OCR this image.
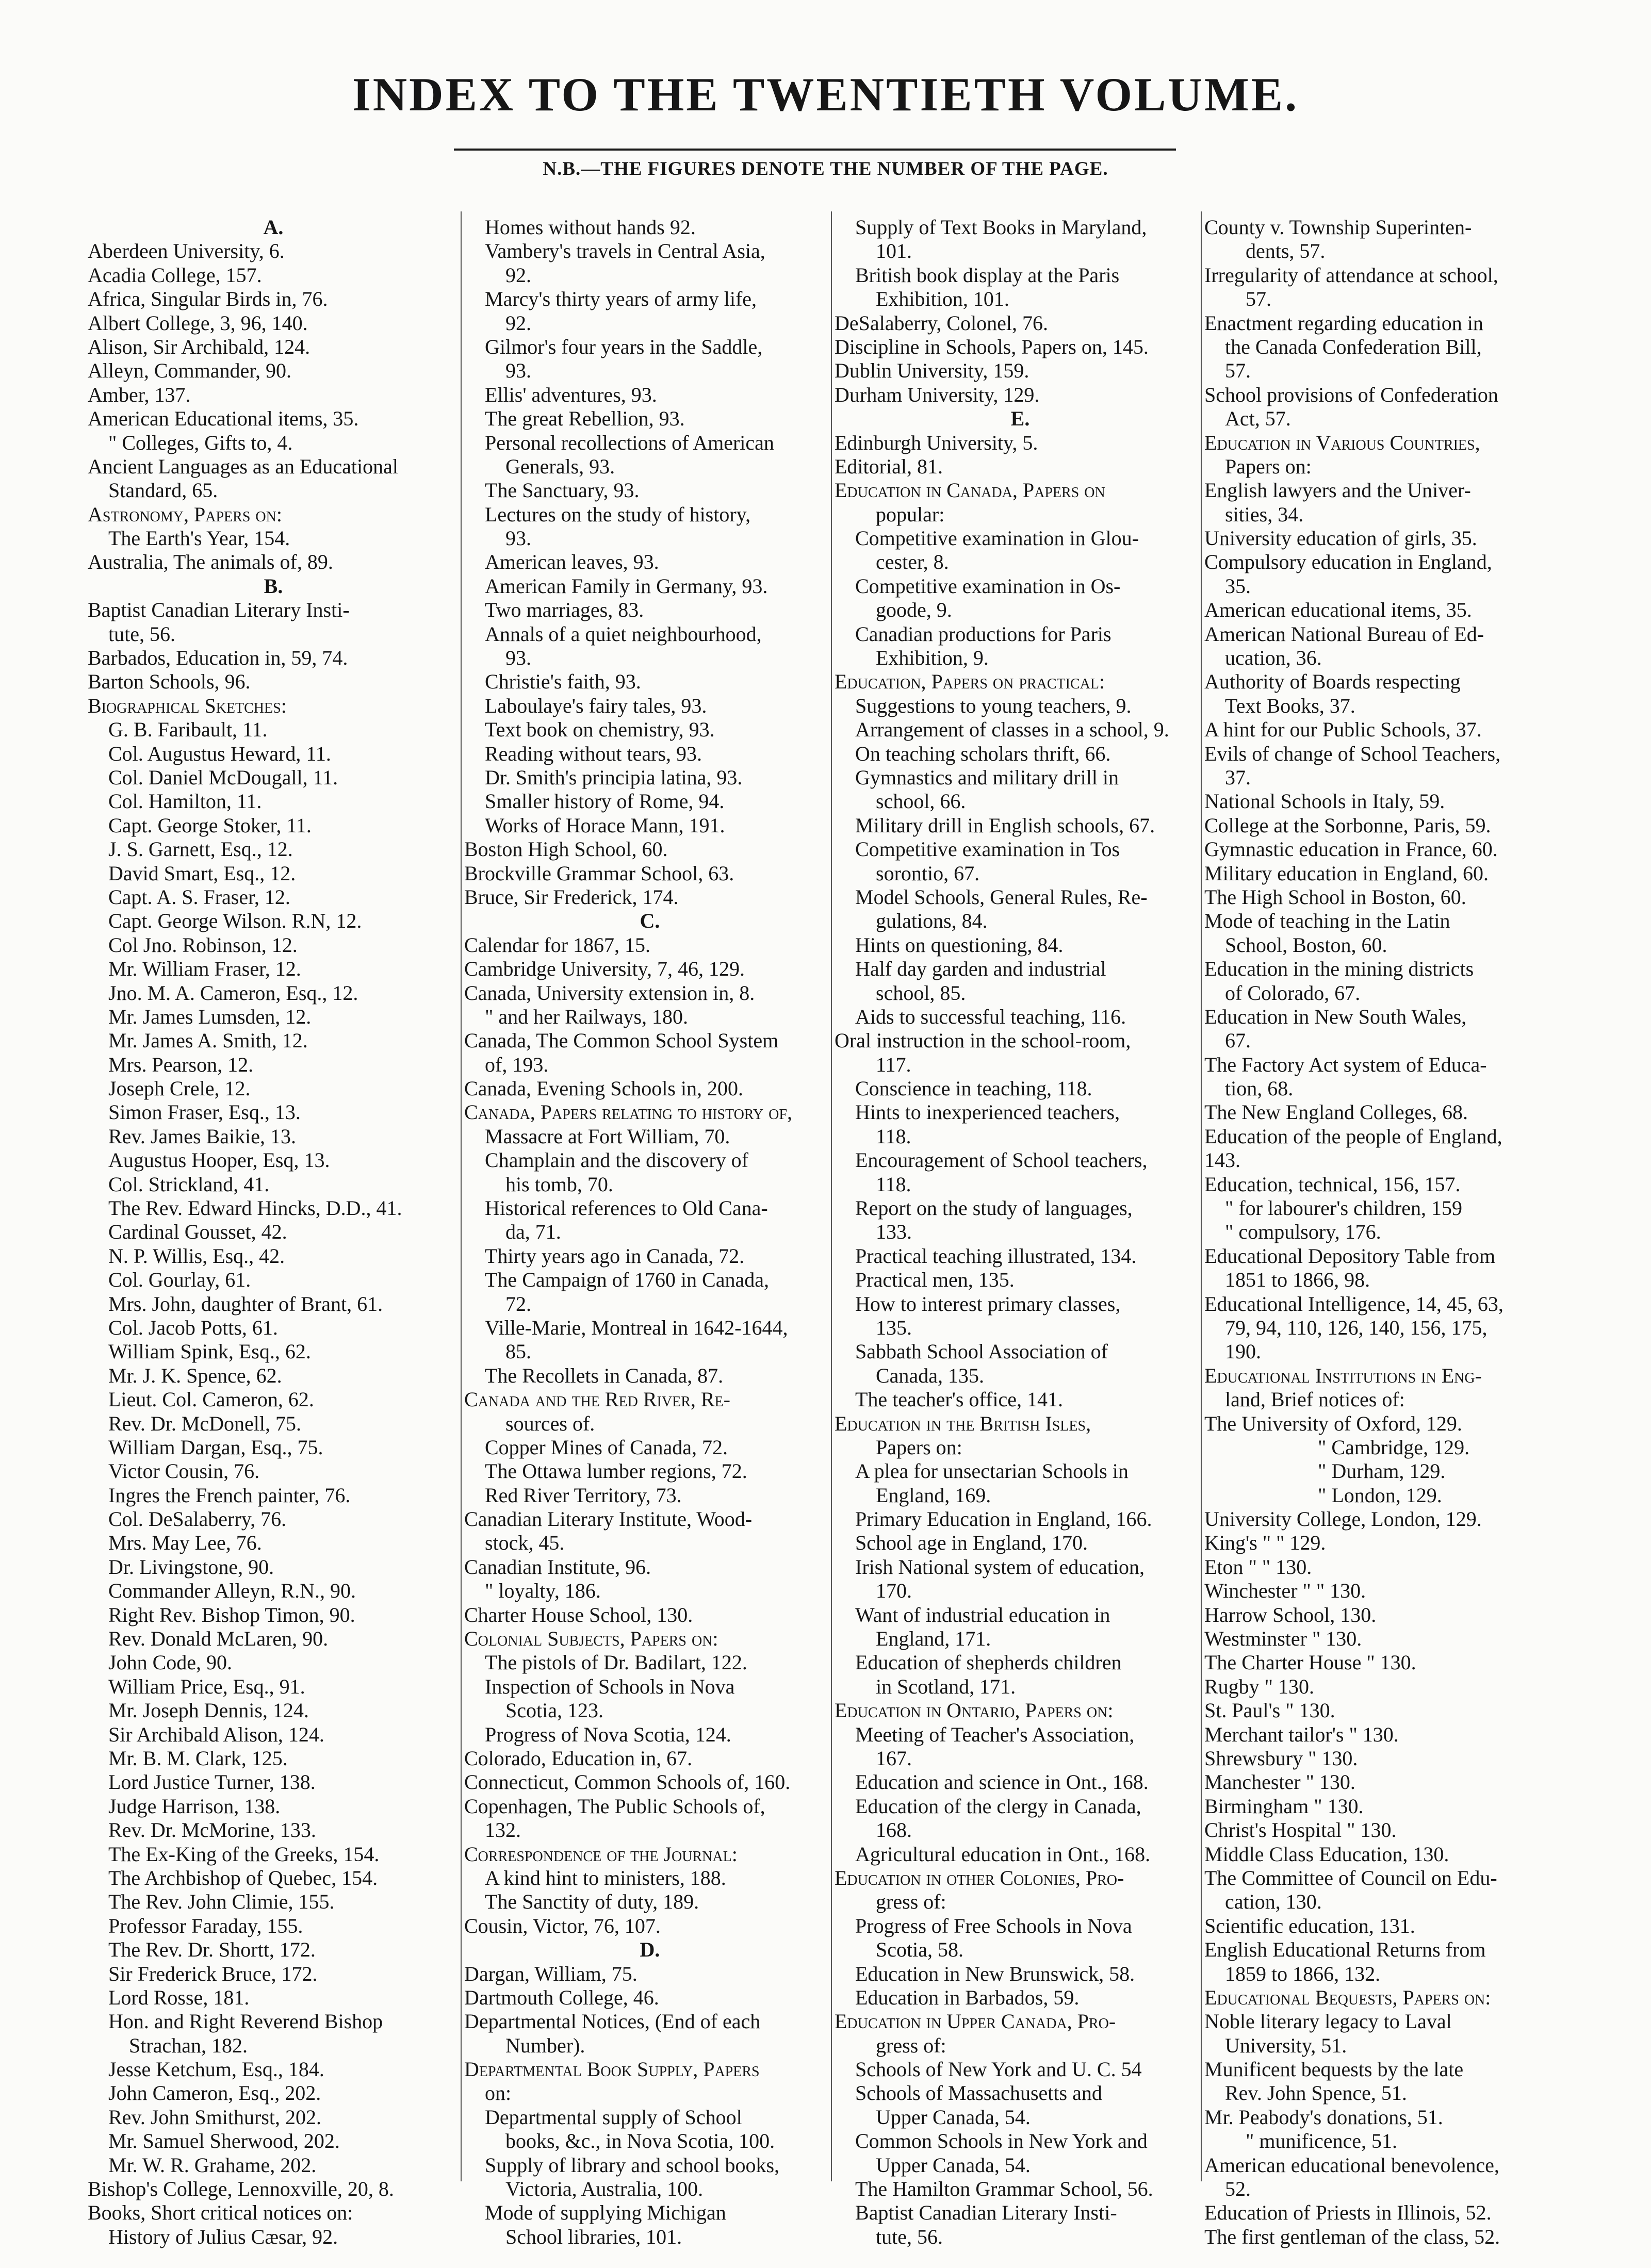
INDEX TO THE TWENTIETH VOLUME.
N.B.—THE FIGURES DENOTE THE NUMBER OF THE PAGE.
A.
Aberdeen University, 6.
Acadia College, 157.
Africa, Singular Birds in, 76.
Albert College, 3, 96, 140.
Alison, Sir Archibald, 124.
Alleyn, Commander, 90.
Amber, 137.
American Educational items, 35.
" Colleges, Gifts to, 4.
Ancient Languages as an Educational
Standard, 65.
Astronomy, Papers on:
The Earth's Year, 154.
Australia, The animals of, 89.
B.
Baptist Canadian Literary Insti-
tute, 56.
Barbados, Education in, 59, 74.
Barton Schools, 96.
Biographical Sketches:
G. B. Faribault, 11.
Col. Augustus Heward, 11.
Col. Daniel McDougall, 11.
Col. Hamilton, 11.
Capt. George Stoker, 11.
J. S. Garnett, Esq., 12.
David Smart, Esq., 12.
Capt. A. S. Fraser, 12.
Capt. George Wilson. R.N, 12.
Col Jno. Robinson, 12.
Mr. William Fraser, 12.
Jno. M. A. Cameron, Esq., 12.
Mr. James Lumsden, 12.
Mr. James A. Smith, 12.
Mrs. Pearson, 12.
Joseph Crele, 12.
Simon Fraser, Esq., 13.
Rev. James Baikie, 13.
Augustus Hooper, Esq, 13.
Col. Strickland, 41.
The Rev. Edward Hincks, D.D., 41.
Cardinal Gousset, 42.
N. P. Willis, Esq., 42.
Col. Gourlay, 61.
Mrs. John, daughter of Brant, 61.
Col. Jacob Potts, 61.
William Spink, Esq., 62.
Mr. J. K. Spence, 62.
Lieut. Col. Cameron, 62.
Rev. Dr. McDonell, 75.
William Dargan, Esq., 75.
Victor Cousin, 76.
Ingres the French painter, 76.
Col. DeSalaberry, 76.
Mrs. May Lee, 76.
Dr. Livingstone, 90.
Commander Alleyn, R.N., 90.
Right Rev. Bishop Timon, 90.
Rev. Donald McLaren, 90.
John Code, 90.
William Price, Esq., 91.
Mr. Joseph Dennis, 124.
Sir Archibald Alison, 124.
Mr. B. M. Clark, 125.
Lord Justice Turner, 138.
Judge Harrison, 138.
Rev. Dr. McMorine, 133.
The Ex-King of the Greeks, 154.
The Archbishop of Quebec, 154.
The Rev. John Climie, 155.
Professor Faraday, 155.
The Rev. Dr. Shortt, 172.
Sir Frederick Bruce, 172.
Lord Rosse, 181.
Hon. and Right Reverend Bishop
Strachan, 182.
Jesse Ketchum, Esq., 184.
John Cameron, Esq., 202.
Rev. John Smithurst, 202.
Mr. Samuel Sherwood, 202.
Mr. W. R. Grahame, 202.
Bishop's College, Lennoxville, 20, 8.
Books, Short critical notices on:
History of Julius Cæsar, 92.
Homes without hands 92.
Vambery's travels in Central Asia,
92.
Marcy's thirty years of army life,
92.
Gilmor's four years in the Saddle,
93.
Ellis' adventures, 93.
The great Rebellion, 93.
Personal recollections of American
Generals, 93.
The Sanctuary, 93.
Lectures on the study of history,
93.
American leaves, 93.
American Family in Germany, 93.
Two marriages, 83.
Annals of a quiet neighbourhood,
93.
Christie's faith, 93.
Laboulaye's fairy tales, 93.
Text book on chemistry, 93.
Reading without tears, 93.
Dr. Smith's principia latina, 93.
Smaller history of Rome, 94.
Works of Horace Mann, 191.
Boston High School, 60.
Brockville Grammar School, 63.
Bruce, Sir Frederick, 174.
C.
Calendar for 1867, 15.
Cambridge University, 7, 46, 129.
Canada, University extension in, 8.
" and her Railways, 180.
Canada, The Common School System
of, 193.
Canada, Evening Schools in, 200.
Canada, Papers relating to history of,
Massacre at Fort William, 70.
Champlain and the discovery of
his tomb, 70.
Historical references to Old Cana-
da, 71.
Thirty years ago in Canada, 72.
The Campaign of 1760 in Canada,
72.
Ville-Marie, Montreal in 1642-1644,
85.
The Recollets in Canada, 87.
Canada and the Red River, Re-
sources of.
Copper Mines of Canada, 72.
The Ottawa lumber regions, 72.
Red River Territory, 73.
Canadian Literary Institute, Wood-
stock, 45.
Canadian Institute, 96.
" loyalty, 186.
Charter House School, 130.
Colonial Subjects, Papers on:
The pistols of Dr. Badilart, 122.
Inspection of Schools in Nova
Scotia, 123.
Progress of Nova Scotia, 124.
Colorado, Education in, 67.
Connecticut, Common Schools of, 160.
Copenhagen, The Public Schools of,
132.
Correspondence of the Journal:
A kind hint to ministers, 188.
The Sanctity of duty, 189.
Cousin, Victor, 76, 107.
D.
Dargan, William, 75.
Dartmouth College, 46.
Departmental Notices, (End of each
Number).
Departmental Book Supply, Papers
on:
Departmental supply of School
books, &c., in Nova Scotia, 100.
Supply of library and school books,
Victoria, Australia, 100.
Mode of supplying Michigan
School libraries, 101.
Supply of Text Books in Maryland,
101.
British book display at the Paris
Exhibition, 101.
DeSalaberry, Colonel, 76.
Discipline in Schools, Papers on, 145.
Dublin University, 159.
Durham University, 129.
E.
Edinburgh University, 5.
Editorial, 81.
Education in Canada, Papers on
popular:
Competitive examination in Glou-
cester, 8.
Competitive examination in Os-
goode, 9.
Canadian productions for Paris
Exhibition, 9.
Education, Papers on practical:
Suggestions to young teachers, 9.
Arrangement of classes in a school, 9.
On teaching scholars thrift, 66.
Gymnastics and military drill in
school, 66.
Military drill in English schools, 67.
Competitive examination in Tos
sorontio, 67.
Model Schools, General Rules, Re-
gulations, 84.
Hints on questioning, 84.
Half day garden and industrial
school, 85.
Aids to successful teaching, 116.
Oral instruction in the school-room,
117.
Conscience in teaching, 118.
Hints to inexperienced teachers,
118.
Encouragement of School teachers,
118.
Report on the study of languages,
133.
Practical teaching illustrated, 134.
Practical men, 135.
How to interest primary classes,
135.
Sabbath School Association of
Canada, 135.
The teacher's office, 141.
Education in the British Isles,
Papers on:
A plea for unsectarian Schools in
England, 169.
Primary Education in England, 166.
School age in England, 170.
Irish National system of education,
170.
Want of industrial education in
England, 171.
Education of shepherds children
in Scotland, 171.
Education in Ontario, Papers on:
Meeting of Teacher's Association,
167.
Education and science in Ont., 168.
Education of the clergy in Canada,
168.
Agricultural education in Ont., 168.
Education in other Colonies, Pro-
gress of:
Progress of Free Schools in Nova
Scotia, 58.
Education in New Brunswick, 58.
Education in Barbados, 59.
Education in Upper Canada, Pro-
gress of:
Schools of New York and U. C. 54
Schools of Massachusetts and
Upper Canada, 54.
Common Schools in New York and
Upper Canada, 54.
The Hamilton Grammar School, 56.
Baptist Canadian Literary Insti-
tute, 56.
County v. Township Superinten-
dents, 57.
Irregularity of attendance at school,
57.
Enactment regarding education in
the Canada Confederation Bill,
57.
School provisions of Confederation
Act, 57.
Education in Various Countries,
Papers on:
English lawyers and the Univer-
sities, 34.
University education of girls, 35.
Compulsory education in England,
35.
American educational items, 35.
American National Bureau of Ed-
ucation, 36.
Authority of Boards respecting
Text Books, 37.
A hint for our Public Schools, 37.
Evils of change of School Teachers,
37.
National Schools in Italy, 59.
College at the Sorbonne, Paris, 59.
Gymnastic education in France, 60.
Military education in England, 60.
The High School in Boston, 60.
Mode of teaching in the Latin
School, Boston, 60.
Education in the mining districts
of Colorado, 67.
Education in New South Wales,
67.
The Factory Act system of Educa-
tion, 68.
The New England Colleges, 68.
Education of the people of England,
143.
Education, technical, 156, 157.
" for labourer's children, 159
" compulsory, 176.
Educational Depository Table from
1851 to 1866, 98.
Educational Intelligence, 14, 45, 63,
79, 94, 110, 126, 140, 156, 175,
190.
Educational Institutions in Eng-
land, Brief notices of:
The University of Oxford, 129.
" Cambridge, 129.
" Durham, 129.
" London, 129.
University College, London, 129.
King's " " 129.
Eton " " 130.
Winchester " " 130.
Harrow School, 130.
Westminster " 130.
The Charter House " 130.
Rugby " 130.
St. Paul's " 130.
Merchant tailor's " 130.
Shrewsbury " 130.
Manchester " 130.
Birmingham " 130.
Christ's Hospital " 130.
Middle Class Education, 130.
The Committee of Council on Edu-
cation, 130.
Scientific education, 131.
English Educational Returns from
1859 to 1866, 132.
Educational Bequests, Papers on:
Noble literary legacy to Laval
University, 51.
Munificent bequests by the late
Rev. John Spence, 51.
Mr. Peabody's donations, 51.
" munificence, 51.
American educational benevolence,
52.
Education of Priests in Illinois, 52.
The first gentleman of the class, 52.
